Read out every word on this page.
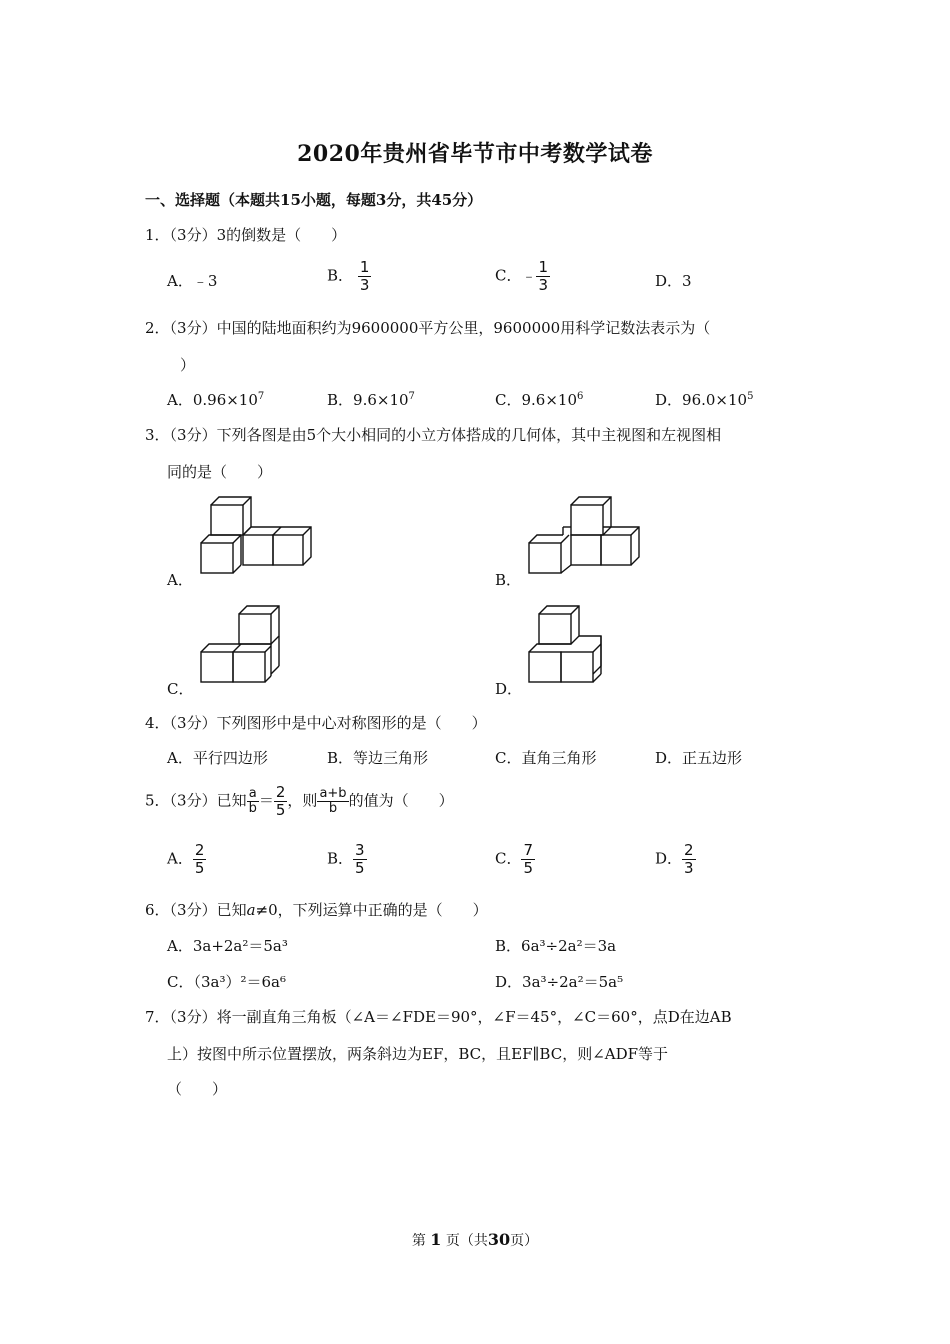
2020年贵州省毕节市中考数学试卷
一、选择题（本题共15小题，每题3分，共45分）
1．（3分）3的倒数是（　　）
A．﹣3	B． $\frac{1}{3}$	C．﹣ $\frac{1}{3}$	D．3
2．（3分）中国的陆地面积约为9600000平方公里，9600000用科学记数法表示为（
）
A．$0.96\times 10^7$	B．$9.6\times 10^7$	C．$9.6\times 10^6$	D．$96.0\times 10^5$
3．（3分）下列各图是由5个大小相同的小立方体搭成的几何体，其中主视图和左视图相
同的是（　　）
A．	B．
C．	D．
4．（3分）下列图形中是中心对称图形的是（　　）
A．平行四边形	B．等边三角形	C．直角三角形	D．正五边形
5．（3分）已知 $\frac{a}{b} = \frac{2}{5}$ ，则 $\frac{a+b}{b}$ 的值为（　　）
A． $\frac{2}{5}$	B． $\frac{3}{5}$	C． $\frac{7}{5}$	D． $\frac{2}{3}$
6．（3分）已知a≠0，下列运算中正确的是（　　）
A．3a+2a²＝5a³	B．6a³÷2a²＝3a
C．（3a³）²＝6a⁶	D．3a³÷2a²＝5a⁵
7．（3分）将一副直角三角板（∠A＝∠FDE＝90°，∠F＝45°，∠C＝60°，点D在边AB
上）按图中所示位置摆放，两条斜边为EF，BC，且EF∥BC，则∠ADF等于
（　　）
第 1 页（共30页）
